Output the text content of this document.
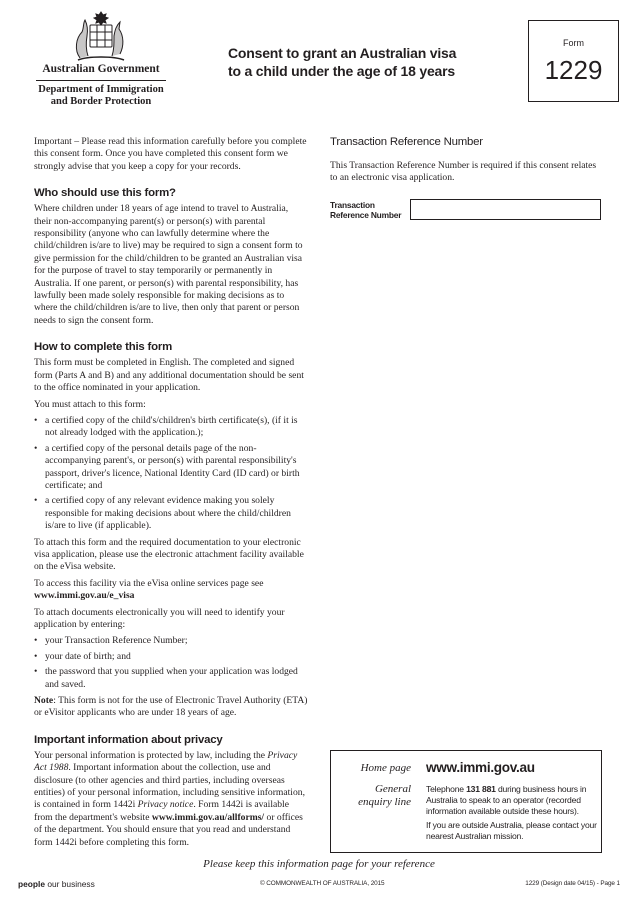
Australian Government
Department of Immigration and Border Protection
Consent to grant an Australian visa
to a child under the age of 18 years
Form
1229

Important – Please read this information carefully before you complete this consent form. Once you have completed this consent form we strongly advise that you keep a copy for your records.

Who should use this form?

Where children under 18 years of age intend to travel to Australia, their non-accompanying parent(s) or person(s) with parental responsibility (anyone who can lawfully determine where the child/children is/are to live) may be required to sign a consent form to give permission for the child/children to be granted an Australian visa for the purpose of travel to stay temporarily or permanently in Australia. If one parent, or person(s) with parental responsibility, has lawfully been made solely responsible for making decisions as to where the child/children is/are to live, then only that parent or person needs to sign the consent form.

How to complete this form

This form must be completed in English. The completed and signed form (Parts A and B) and any additional documentation should be sent to the office nominated in your application.

You must attach to this form:

• a certified copy of the child's/children's birth certificate(s), (if it is not already lodged with the application.);
• a certified copy of the personal details page of the non-accompanying parent's, or person(s) with parental responsibility's passport, driver's licence, National Identity Card (ID card) or birth certificate; and
• a certified copy of any relevant evidence making you solely responsible for making decisions about where the child/children is/are to live (if applicable).

To attach this form and the required documentation to your electronic visa application, please use the electronic attachment facility available on the eVisa website.

To access this facility via the eVisa online services page see
www.immi.gov.au/e_visa

To attach documents electronically you will need to identify your application by entering:

• your Transaction Reference Number;
• your date of birth; and
• the password that you supplied when your application was lodged and saved.

Note: This form is not for the use of Electronic Travel Authority (ETA) or eVisitor applicants who are under 18 years of age.

Important information about privacy

Your personal information is protected by law, including the Privacy Act 1988. Important information about the collection, use and disclosure (to other agencies and third parties, including overseas entities) of your personal information, including sensitive information, is contained in form 1442i Privacy notice. Form 1442i is available from the department's website www.immi.gov.au/allforms/ or offices of the department. You should ensure that you read and understand form 1442i before completing this form.

Transaction Reference Number

This Transaction Reference Number is required if this consent relates to an electronic visa application.

Transaction
Reference Number
Home page www.immi.gov.au
General
enquiry line

Telephone 131 881 during business hours in Australia to speak to an operator (recorded information available outside these hours).

If you are outside Australia, please contact your nearest Australian mission.

Please keep this information page for your reference
people our business	© COMMONWEALTH OF AUSTRALIA, 2015	1229 (Design date 04/15) - Page 1
